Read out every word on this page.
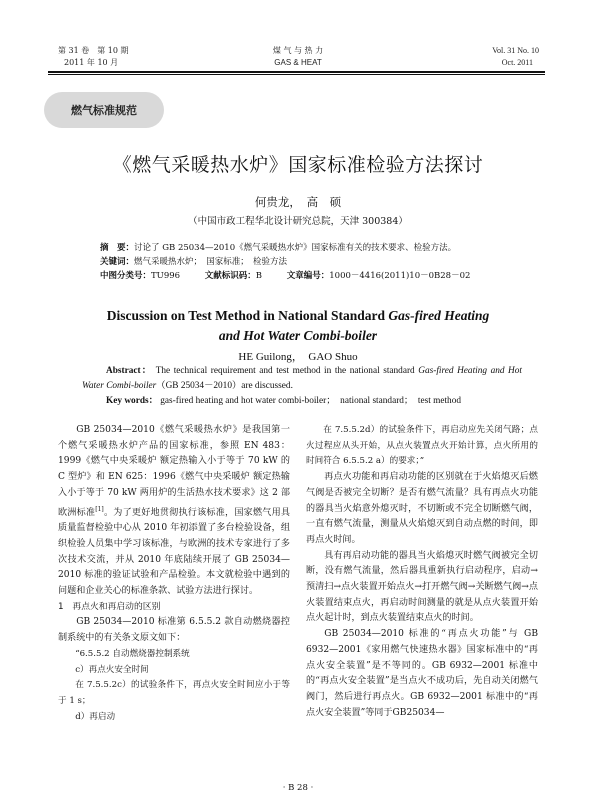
第 31 卷　第 10 期
2011 年 10 月
煤 气 与 热 力
GAS & HEAT
Vol. 31 No. 10
Oct. 2011
燃气标准规范
《燃气采暖热水炉》国家标准检验方法探讨
何贵龙，　高　硕
（中国市政工程华北设计研究总院，天津 300384）
摘　要：讨论了 GB 25034—2010《燃气采暖热水炉》国家标准有关的技术要求、检验方法。
关键词：燃气采暖热水炉；　国家标准；　检验方法
中图分类号：TU996	文献标识码：B	文章编号：1000－4416(2011)10－0B28－02
Discussion on Test Method in National Standard Gas-fired Heating
and Hot Water Combi-boiler
HE Guilong，　GAO Shuo
Abstract： The technical requirement and test method in the national standard Gas-fired Heating and Hot Water Combi-boiler（GB 25034－2010）are discussed.
Key words： gas-fired heating and hot water combi-boiler；　national standard；　test method

GB 25034—2010《燃气采暖热水炉》是我国第一个燃气采暖热水炉产品的国家标准，参照 EN 483：1999《燃气中央采暖炉 额定热输入小于等于 70 kW 的 C 型炉》和 EN 625：1996《燃气中央采暖炉 额定热输入小于等于 70 kW 两用炉的生活热水技术要求》这 2 部欧洲标准[1]。为了更好地贯彻执行该标准，国家燃气用具质量监督检验中心从 2010 年初添置了多台检验设备，组织检验人员集中学习该标准，与欧洲的技术专家进行了多次技术交流，并从 2010 年底陆续开展了 GB 25034—2010 标准的验证试验和产品检验。本文就检验中遇到的问题和企业关心的标准条款、试验方法进行探讨。

1　再点火和再启动的区别

GB 25034—2010 标准第 6.5.5.2 款自动燃烧器控制系统中的有关条文原文如下：

“6.5.5.2 自动燃烧器控制系统

c）再点火安全时间

在 7.5.5.2c）的试验条件下，再点火安全时间应小于等于 1 s；

d）再启动

在 7.5.5.2d）的试验条件下，再启动应先关闭气路；点火过程应从头开始，从点火装置点火开始计算，点火所用的时间符合 6.5.5.2 a）的要求；”

再点火功能和再启动功能的区别就在于火焰熄灭后燃气阀是否被完全切断？是否有燃气流量？具有再点火功能的器具当火焰意外熄灭时，不切断或不完全切断燃气阀，一直有燃气流量，测量从火焰熄灭到自动点燃的时间，即再点火时间。

具有再启动功能的器具当火焰熄灭时燃气阀被完全切断，没有燃气流量，然后器具重新执行启动程序，启动→预清扫→点火装置开始点火→打开燃气阀→关断燃气阀→点火装置结束点火，再启动时间测量的就是从点火装置开始点火起计时，到点火装置结束点火的时间。

GB 25034—2010 标准的“再点火功能”与 GB 6932—2001《家用燃气快速热水器》国家标准中的“再点火安全装置”是不等同的。GB 6932—2001 标准中的“再点火安全装置”是当点火不成功后，先自动关闭燃气阀门，然后进行再点火。GB 6932—2001 标准中的“再点火安全装置”等同于GB25034—

· B 28 ·
